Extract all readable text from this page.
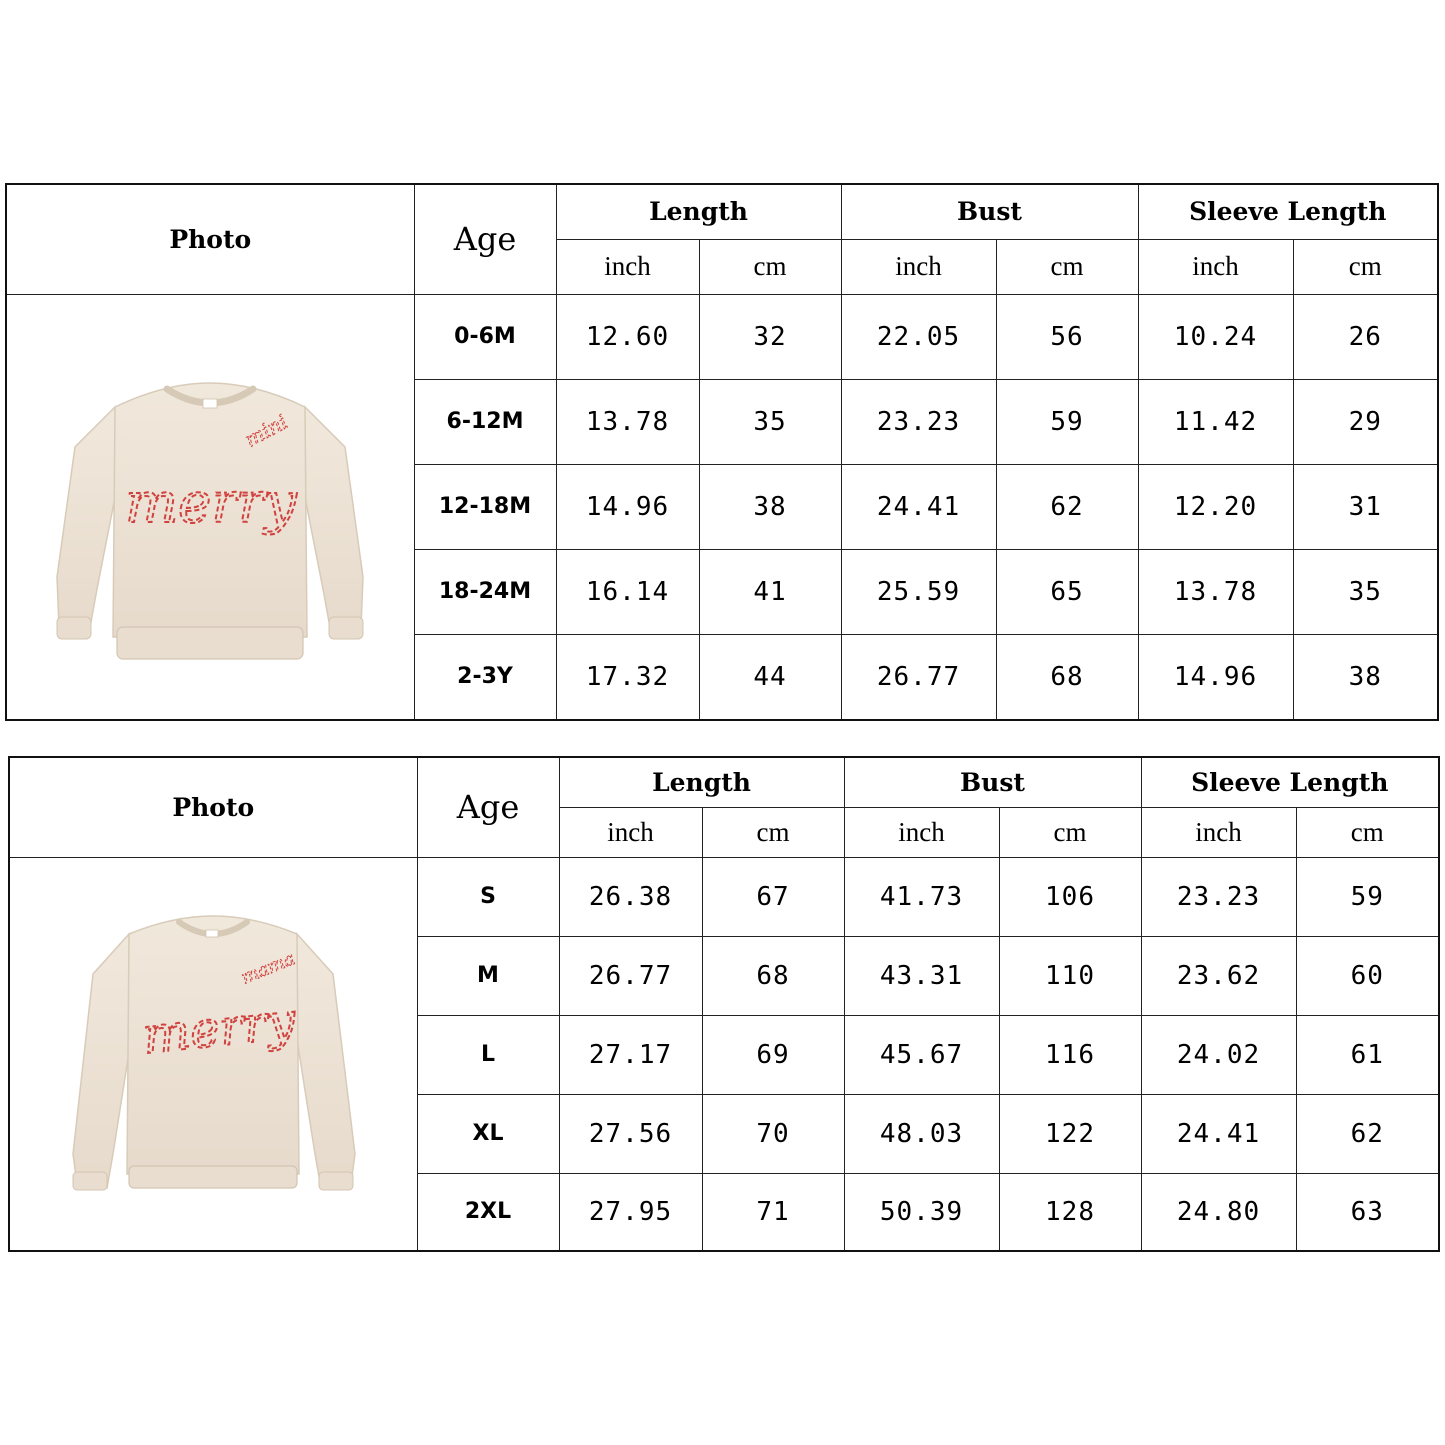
Photo	Age	Length		Bust		Sleeve Length	
		inch	cm	inch	cm	inch	cm

merry
mini	0-6M	12.60	32	22.05	56	10.24	26
	6-12M	13.78	35	23.23	59	11.42	29
	12-18M	14.96	38	24.41	62	12.20	31
	18-24M	16.14	41	25.59	65	13.78	35
	2-3Y	17.32	44	26.77	68	14.96	38
Photo	Age	Length		Bust		Sleeve Length	
		inch	cm	inch	cm	inch	cm

merry
mama	S	26.38	67	41.73	106	23.23	59
	M	26.77	68	43.31	110	23.62	60
	L	27.17	69	45.67	116	24.02	61
	XL	27.56	70	48.03	122	24.41	62
	2XL	27.95	71	50.39	128	24.80	63
